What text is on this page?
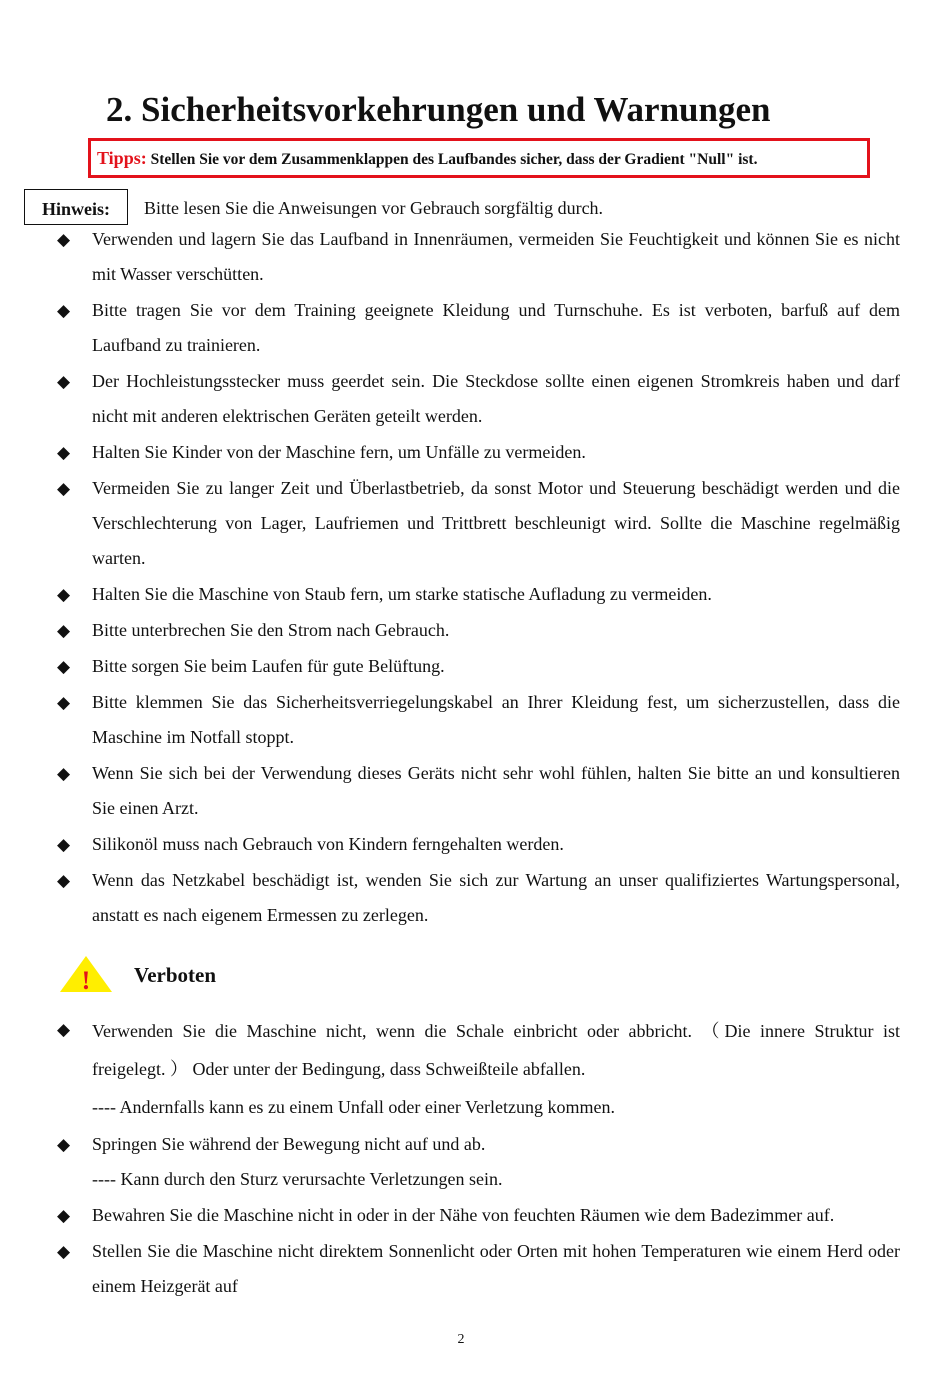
2. Sicherheitsvorkehrungen und Warnungen
Tipps: Stellen Sie vor dem Zusammenklappen des Laufbandes sicher, dass der Gradient "Null" ist.
Hinweis:	Bitte lesen Sie die Anweisungen vor Gebrauch sorgfältig durch.
◆ Verwenden und lagern Sie das Laufband in Innenräumen, vermeiden Sie Feuchtigkeit und können Sie es nicht mit Wasser verschütten.
◆ Bitte tragen Sie vor dem Training geeignete Kleidung und Turnschuhe. Es ist verboten, barfuß auf dem Laufband zu trainieren.
◆ Der Hochleistungsstecker muss geerdet sein. Die Steckdose sollte einen eigenen Stromkreis haben und darf nicht mit anderen elektrischen Geräten geteilt werden.
◆ Halten Sie Kinder von der Maschine fern, um Unfälle zu vermeiden.
◆ Vermeiden Sie zu langer Zeit und Überlastbetrieb, da sonst Motor und Steuerung beschädigt werden und die Verschlechterung von Lager, Laufriemen und Trittbrett beschleunigt wird. Sollte die Maschine regelmäßig warten.
◆ Halten Sie die Maschine von Staub fern, um starke statische Aufladung zu vermeiden.
◆ Bitte unterbrechen Sie den Strom nach Gebrauch.
◆ Bitte sorgen Sie beim Laufen für gute Belüftung.
◆ Bitte klemmen Sie das Sicherheitsverriegelungskabel an Ihrer Kleidung fest, um sicherzustellen, dass die Maschine im Notfall stoppt.
◆ Wenn Sie sich bei der Verwendung dieses Geräts nicht sehr wohl fühlen, halten Sie bitte an und konsultieren Sie einen Arzt.
◆ Silikonöl muss nach Gebrauch von Kindern ferngehalten werden.
◆ Wenn das Netzkabel beschädigt ist, wenden Sie sich zur Wartung an unser qualifiziertes Wartungspersonal, anstatt es nach eigenem Ermessen zu zerlegen.
! Verboten
◆ Verwenden Sie die Maschine nicht, wenn die Schale einbricht oder abbricht. （Die innere Struktur ist freigelegt. ） Oder unter der Bedingung, dass Schweißteile abfallen.
---- Andernfalls kann es zu einem Unfall oder einer Verletzung kommen.
◆ Springen Sie während der Bewegung nicht auf und ab.
---- Kann durch den Sturz verursachte Verletzungen sein.
◆ Bewahren Sie die Maschine nicht in oder in der Nähe von feuchten Räumen wie dem Badezimmer auf.
◆ Stellen Sie die Maschine nicht direktem Sonnenlicht oder Orten mit hohen Temperaturen wie einem Herd oder einem Heizgerät auf
2
